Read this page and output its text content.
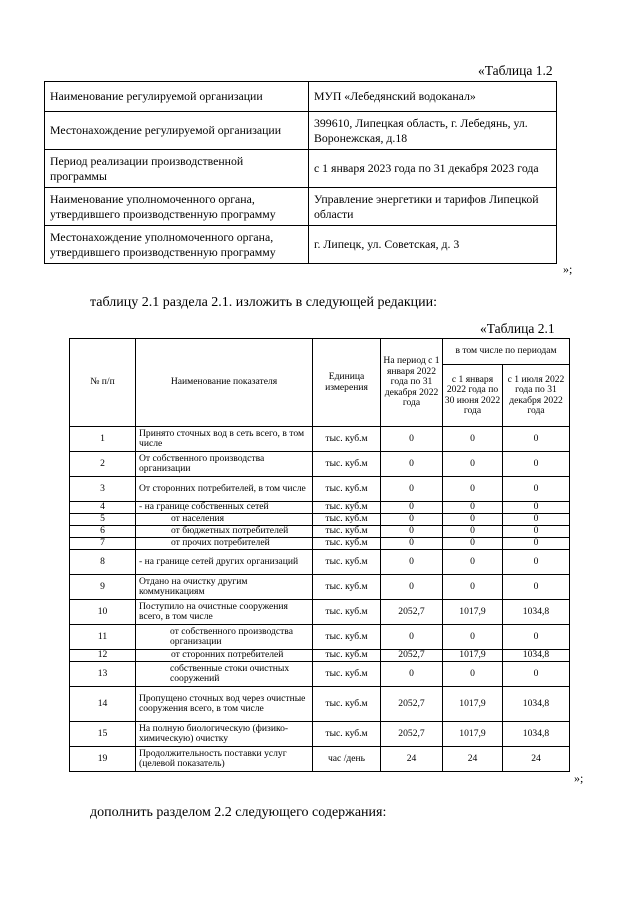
«Таблица 1.2
Наименование регулируемой организации	МУП «Лебедянский водоканал»
Местонахождение регулируемой организации	399610, Липецкая область, г. Лебедянь, ул. Воронежская, д.18
Период реализации производственной программы	с 1 января 2023 года по 31 декабря 2023 года
Наименование уполномоченного органа, утвердившего производственную программу	Управление энергетики и тарифов Липецкой области
Местонахождение уполномоченного органа, утвердившего производственную программу	г. Липецк, ул. Советская, д. 3
»;
таблицу 2.1 раздела 2.1. изложить в следующей редакции:
«Таблица 2.1
№ п/п	Наименование показателя	Единица измерения	На период с 1 января 2022 года по 31 декабря 2022 года	в том числе по периодам	
				с 1 января 2022 года по 30 июня 2022 года	с 1 июля 2022 года по 31 декабря 2022 года
1	Принято сточных вод в сеть всего, в том числе	тыс. куб.м	0	0	0
2	От собственного производства организации	тыс. куб.м	0	0	0
3	От сторонних потребителей, в том числе	тыс. куб.м	0	0	0
4	- на границе собственных сетей	тыс. куб.м	0	0	0
5	от населения	тыс. куб.м	0	0	0
6	от бюджетных потребителей	тыс. куб.м	0	0	0
7	от прочих потребителей	тыс. куб.м	0	0	0
8	- на границе сетей других организаций	тыс. куб.м	0	0	0
9	Отдано на очистку другим коммуникациям	тыс. куб.м	0	0	0
10	Поступило на очистные сооружения всего, в том числе	тыс. куб.м	2052,7	1017,9	1034,8
11	от собственного производства организации	тыс. куб.м	0	0	0
12	от сторонних потребителей	тыс. куб.м	2052,7	1017,9	1034,8
13	собственные стоки очистных сооружений	тыс. куб.м	0	0	0
14	Пропущено сточных вод через очистные сооружения всего, в том числе	тыс. куб.м	2052,7	1017,9	1034,8
15	На полную биологическую (физико-химическую) очистку	тыс. куб.м	2052,7	1017,9	1034,8
19	Продолжительность поставки услуг (целевой показатель)	час /день	24	24	24
»;
дополнить разделом 2.2 следующего содержания:
